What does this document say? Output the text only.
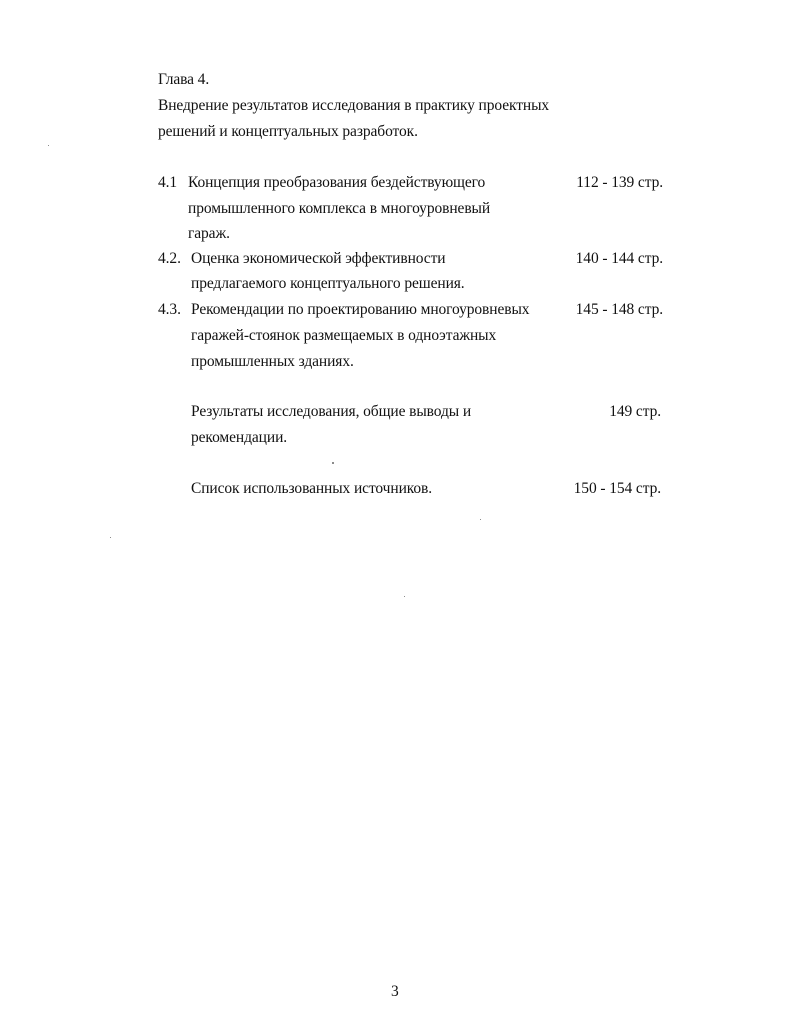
Глава 4.
Внедрение результатов исследования в практику проектных
решений и концептуальных разработок.
4.1 Концепция преобразования бездействующего
промышленного комплекса в многоуровневый
гараж.
112 - 139 стр.
4.2. Оценка экономической эффективности
предлагаемого концептуального решения.
140 - 144 стр.
4.3. Рекомендации по проектированию многоуровневых
гаражей-стоянок размещаемых в одноэтажных
промышленных зданиях.
145 - 148 стр.
Результаты исследования, общие выводы и
рекомендации.
149 стр.
Список использованных источников.	150 - 154 стр.
3
